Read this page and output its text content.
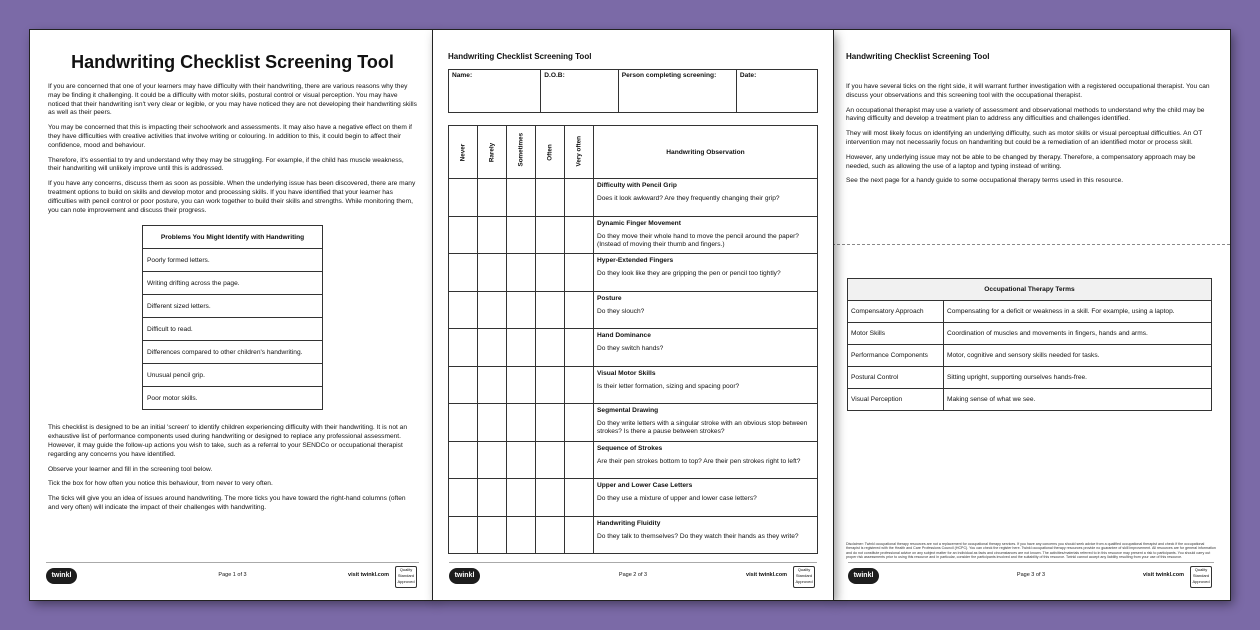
Handwriting Checklist Screening Tool

If you are concerned that one of your learners may have difficulty with their handwriting, there are various reasons why they may be finding it challenging. It could be a difficulty with motor skills, postural control or visual perception. You may have noticed that their handwriting isn't very clear or legible, or you may have noticed they are not developing their handwriting skills as well as their peers.

You may be concerned that this is impacting their schoolwork and assessments. It may also have a negative effect on them if they have difficulties with creative activities that involve writing or colouring. In addition to this, it could begin to affect their confidence, mood and behaviour.

Therefore, it's essential to try and understand why they may be struggling. For example, if the child has muscle weakness, their handwriting will unlikely improve until this is addressed.

If you have any concerns, discuss them as soon as possible. When the underlying issue has been discovered, there are many treatment options to build on skills and develop motor and processing skills. If you have identified that your learner has difficulties with pencil control or poor posture, you can work together to build their skills and strengths. While monitoring them, you can note improvement and discuss their progress.

Problems You Might Identify with Handwriting
Poorly formed letters.
Writing drifting across the page.
Different sized letters.
Difficult to read.
Differences compared to other children's handwriting.
Unusual pencil grip.
Poor motor skills.

This checklist is designed to be an initial 'screen' to identify children experiencing difficulty with their handwriting. It is not an exhaustive list of performance components used during handwriting or designed to replace any professional assessment. However, it may guide the follow-up actions you wish to take, such as a referral to your SENDCo or occupational therapist regarding any concerns you have identified.

Observe your learner and fill in the screening tool below.

Tick the box for how often you notice this behaviour, from never to very often.

The ticks will give you an idea of issues around handwriting. The more ticks you have toward the right-hand columns (often and very often) will indicate the impact of their challenges with handwriting.

twinkl	Page 1 of 3	visit twinkl.com
Quality Standard Approved
Handwriting Checklist Screening Tool
Name:	D.O.B:	Person completing screening:	Date:
Never	Rarely	Sometimes	Often	Very often	Handwriting Observation

					Difficulty with Pencil Grip
Does it look awkward? Are they frequently changing their grip?

					Dynamic Finger Movement
Do they move their whole hand to move the pencil around the paper? (Instead of moving their thumb and fingers.)

					Hyper-Extended Fingers
Do they look like they are gripping the pen or pencil too tightly?

					Posture
Do they slouch?

					Hand Dominance
Do they switch hands?

					Visual Motor Skills
Is their letter formation, sizing and spacing poor?

					Segmental Drawing
Do they write letters with a singular stroke with an obvious stop between strokes? Is there a pause between strokes?

					Sequence of Strokes
Are their pen strokes bottom to top? Are their pen strokes right to left?

					Upper and Lower Case Letters
Do they use a mixture of upper and lower case letters?

					Handwriting Fluidity
Do they talk to themselves? Do they watch their hands as they write?
twinkl	Page 2 of 3	visit twinkl.com
Quality Standard Approved
Handwriting Checklist Screening Tool

If you have several ticks on the right side, it will warrant further investigation with a registered occupational therapist. You can discuss your observations and this screening tool with the occupational therapist.

An occupational therapist may use a variety of assessment and observational methods to understand why the child may be having difficulty and develop a treatment plan to address any difficulties and challenges identified.

They will most likely focus on identifying an underlying difficulty, such as motor skills or visual perceptual difficulties. An OT intervention may not necessarily focus on handwriting but could be a remediation of an identified motor or process skill.

However, any underlying issue may not be able to be changed by therapy. Therefore, a compensatory approach may be needed, such as allowing the use of a laptop and typing instead of writing.

See the next page for a handy guide to some occupational therapy terms used in this resource.

Occupational Therapy Terms	
Compensatory Approach	Compensating for a deficit or weakness in a skill. For example, using a laptop.
Motor Skills	Coordination of muscles and movements in fingers, hands and arms.
Performance Components	Motor, cognitive and sensory skills needed for tasks.
Postural Control	Sitting upright, supporting ourselves hands-free.
Visual Perception	Making sense of what we see.
Disclaimer: Twinkl occupational therapy resources are not a replacement for occupational therapy services. If you have any concerns you should seek advice from a qualified occupational therapist and check if the occupational therapist is registered with the Health and Care Professions Council (HCPC). You can check the register here. Twinkl occupational therapy resources provide no guarantee of skill improvement. All resources are for general information and do not constitute professional advice on any subject matter for an individual as facts and circumstances are not known. The activities/materials referred to in this resource may present a risk to participants. You should carry out proper risk assessments prior to using this resource and in particular, consider the participants involved and the suitability of this resource. Twinkl cannot accept any liability resulting from your use of this resource.
twinkl	Page 3 of 3	visit twinkl.com
Quality Standard Approved
